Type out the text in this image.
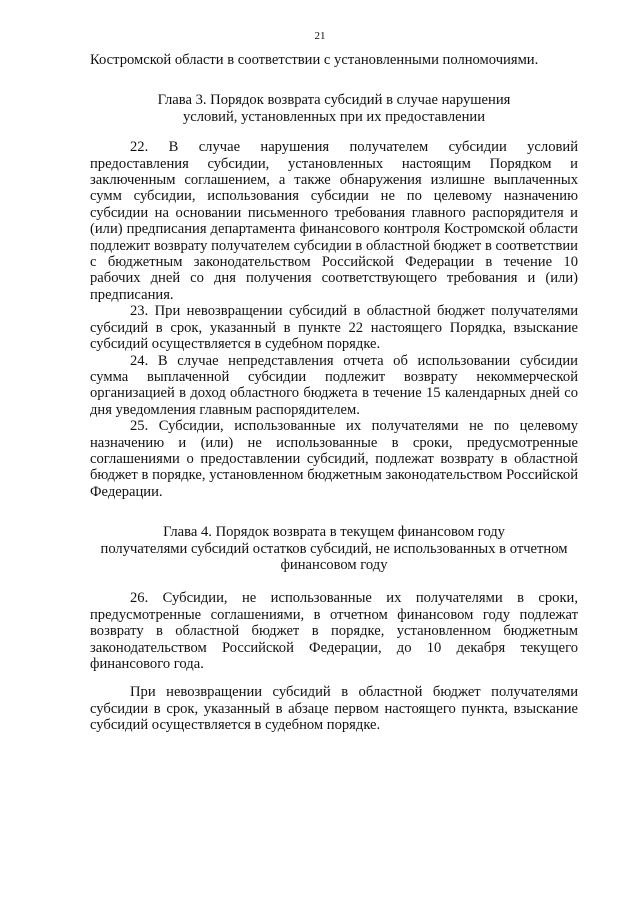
21

Костромской области в соответствии с установленными полномочиями.

Глава 3. Порядок возврата субсидий в случае нарушения
условий, установленных при их предоставлении

22. В случае нарушения получателем субсидии условий предоставления субсидии, установленных настоящим Порядком и заключенным соглашением, а также обнаружения излишне выплаченных сумм субсидии, использования субсидии не по целевому назначению субсидии на основании письменного требования главного распорядителя и (или) предписания департамента финансового контроля Костромской области подлежит возврату получателем субсидии в областной бюджет в соответствии с бюджетным законодательством Российской Федерации в течение 10 рабочих дней со дня получения соответствующего требования и (или) предписания.

23. При невозвращении субсидий в областной бюджет получателями субсидий в срок, указанный в пункте 22 настоящего Порядка, взыскание субсидий осуществляется в судебном порядке.

24. В случае непредставления отчета об использовании субсидии сумма выплаченной субсидии подлежит возврату некоммерческой организацией в доход областного бюджета в течение 15 календарных дней со дня уведомления главным распорядителем.

25. Субсидии, использованные их получателями не по целевому назначению и (или) не использованные в сроки, предусмотренные соглашениями о предоставлении субсидий, подлежат возврату в областной бюджет в порядке, установленном бюджетным законодательством Российской Федерации.

Глава 4. Порядок возврата в текущем финансовом году
получателями субсидий остатков субсидий, не использованных в отчетном
финансовом году

26. Субсидии, не использованные их получателями в сроки, предусмотренные соглашениями, в отчетном финансовом году подлежат возврату в областной бюджет в порядке, установленном бюджетным законодательством Российской Федерации, до 10 декабря текущего финансового года.

При невозвращении субсидий в областной бюджет получателями субсидии в срок, указанный в абзаце первом настоящего пункта, взыскание субсидий осуществляется в судебном порядке.
